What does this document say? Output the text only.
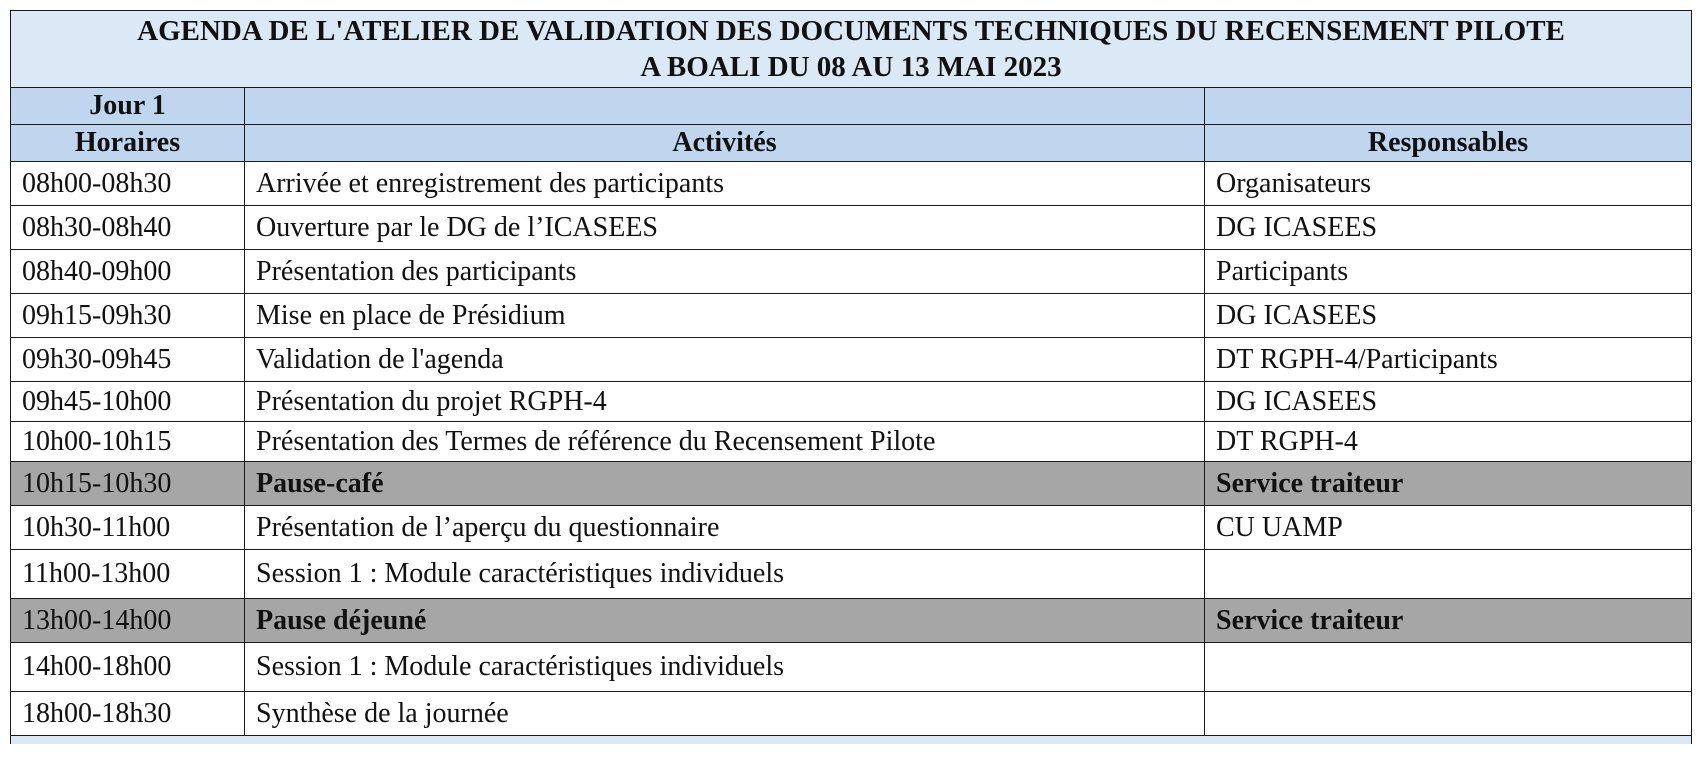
AGENDA DE L'ATELIER DE VALIDATION DES DOCUMENTS TECHNIQUES DU RECENSEMENT PILOTE
A BOALI DU 08 AU 13 MAI 2023		

Jour 1		
Horaires	Activités	Responsables
08h00-08h30	Arrivée et enregistrement des participants	Organisateurs
08h30-08h40	Ouverture par le DG de l’ICASEES	DG ICASEES
08h40-09h00	Présentation des participants	Participants
09h15-09h30	Mise en place de Présidium	DG ICASEES
09h30-09h45	Validation de l'agenda	DT RGPH-4/Participants
09h45-10h00	Présentation du projet RGPH-4	DG ICASEES
10h00-10h15	Présentation des Termes de référence du Recensement Pilote	DT RGPH-4
10h15-10h30	Pause-café	Service traiteur
10h30-11h00	Présentation de l’aperçu du questionnaire	CU UAMP
11h00-13h00	Session 1 : Module caractéristiques individuels	
13h00-14h00	Pause déjeuné	Service traiteur
14h00-18h00	Session 1 : Module caractéristiques individuels	
18h00-18h30	Synthèse de la journée	
